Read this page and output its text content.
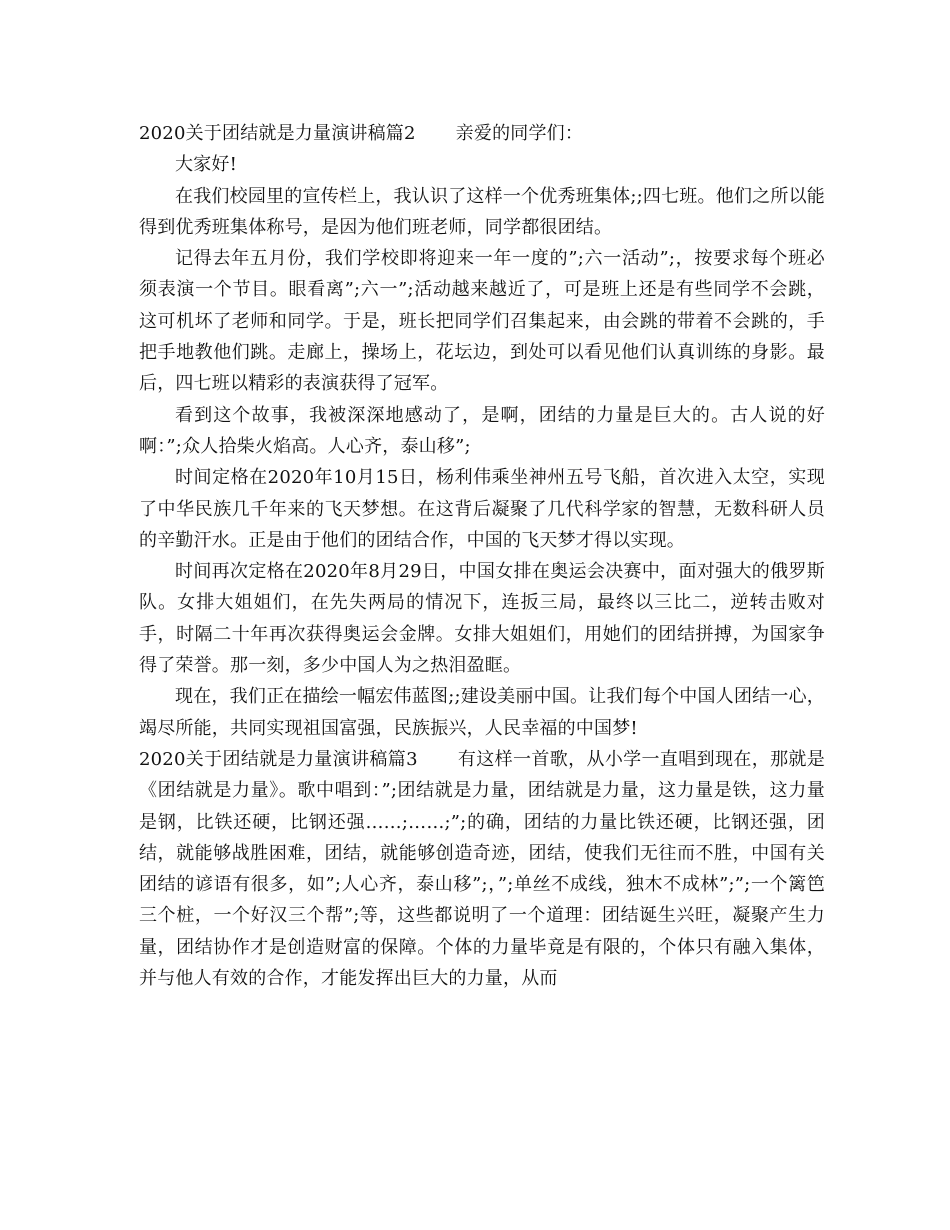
2020关于团结就是力量演讲稿篇2 亲爱的同学们：

大家好!

在我们校园里的宣传栏上，我认识了这样一个优秀班集体;;四七班。他们之所以能得到优秀班集体称号，是因为他们班老师，同学都很团结。

记得去年五月份，我们学校即将迎来一年一度的”;六一活动”;，按要求每个班必须表演一个节目。眼看离”;六一”;活动越来越近了，可是班上还是有些同学不会跳，这可机坏了老师和同学。于是，班长把同学们召集起来，由会跳的带着不会跳的，手把手地教他们跳。走廊上，操场上，花坛边，到处可以看见他们认真训练的身影。最后，四七班以精彩的表演获得了冠军。

看到这个故事，我被深深地感动了，是啊，团结的力量是巨大的。古人说的好啊：”;众人拾柴火焰高。人心齐，泰山移”;

时间定格在2020年10月15日，杨利伟乘坐神州五号飞船，首次进入太空，实现了中华民族几千年来的飞天梦想。在这背后凝聚了几代科学家的智慧，无数科研人员的辛勤汗水。正是由于他们的团结合作，中国的飞天梦才得以实现。

时间再次定格在2020年8月29日，中国女排在奥运会决赛中，面对强大的俄罗斯队。女排大姐姐们，在先失两局的情况下，连扳三局，最终以三比二，逆转击败对手，时隔二十年再次获得奥运会金牌。女排大姐姐们，用她们的团结拼搏，为国家争得了荣誉。那一刻，多少中国人为之热泪盈眶。

现在，我们正在描绘一幅宏伟蓝图;;建设美丽中国。让我们每个中国人团结一心，竭尽所能，共同实现祖国富强，民族振兴，人民幸福的中国梦!

2020关于团结就是力量演讲稿篇3 有这样一首歌，从小学一直唱到现在，那就是《团结就是力量》。歌中唱到：”;团结就是力量，团结就是力量，这力量是铁，这力量是钢，比铁还硬，比钢还强……;……;”;的确，团结的力量比铁还硬，比钢还强，团结，就能够战胜困难，团结，就能够创造奇迹，团结，使我们无往而不胜，中国有关团结的谚语有很多，如”;人心齐，泰山移”;，”;单丝不成线，独木不成林”;”;一个篱笆三个桩，一个好汉三个帮”;等，这些都说明了一个道理：团结诞生兴旺，凝聚产生力量，团结协作才是创造财富的保障。个体的力量毕竟是有限的，个体只有融入集体，并与他人有效的合作，才能发挥出巨大的力量，从而
